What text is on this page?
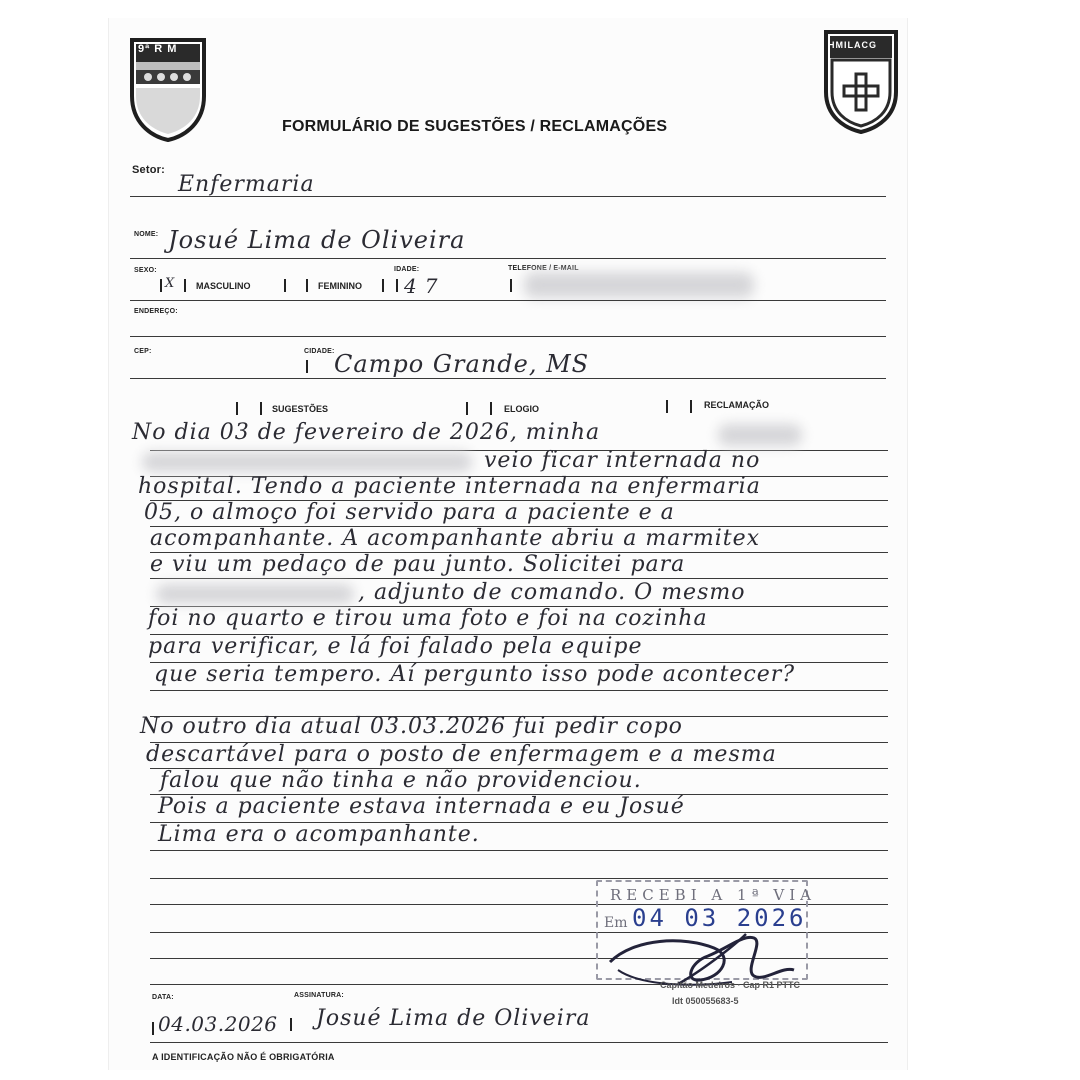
9ª R M	HMILACG
FORMULÁRIO DE SUGESTÕES / RECLAMAÇÕES
Setor:
Enfermaria
NOME: Josué Lima de Oliveira
SEXO:
X MASCULINO	FEMININO
IDADE:
47
TELEFONE / E-MAIL
ENDEREÇO:
CEP:	CIDADE: Campo Grande, MS
SUGESTÕES	ELOGIO	RECLAMAÇÃO
No dia 03 de fevereiro de 2026, minha
veio ficar internada no
hospital. Tendo a paciente internada na enfermaria
05, o almoço foi servido para a paciente e a
acompanhante. A acompanhante abriu a marmitex
e viu um pedaço de pau junto. Solicitei para
, adjunto de comando. O mesmo
foi no quarto e tirou uma foto e foi na cozinha
para verificar, e lá foi falado pela equipe
que seria tempero. Aí pergunto isso pode acontecer?
No outro dia atual 03.03.2026 fui pedir copo
descartável para o posto de enfermagem e a mesma
falou que não tinha e não providenciou.
Pois a paciente estava internada e eu Josué
Lima era o acompanhante.
RECEBI A 1ª VIA
Em 04 03 2026
Capitão Medeiros · Cap R1 PTTC
Idt 050055683-5
DATA:	ASSINATURA:
04.03.2026 Josué Lima de Oliveira
A IDENTIFICAÇÃO NÃO É OBRIGATÓRIA
